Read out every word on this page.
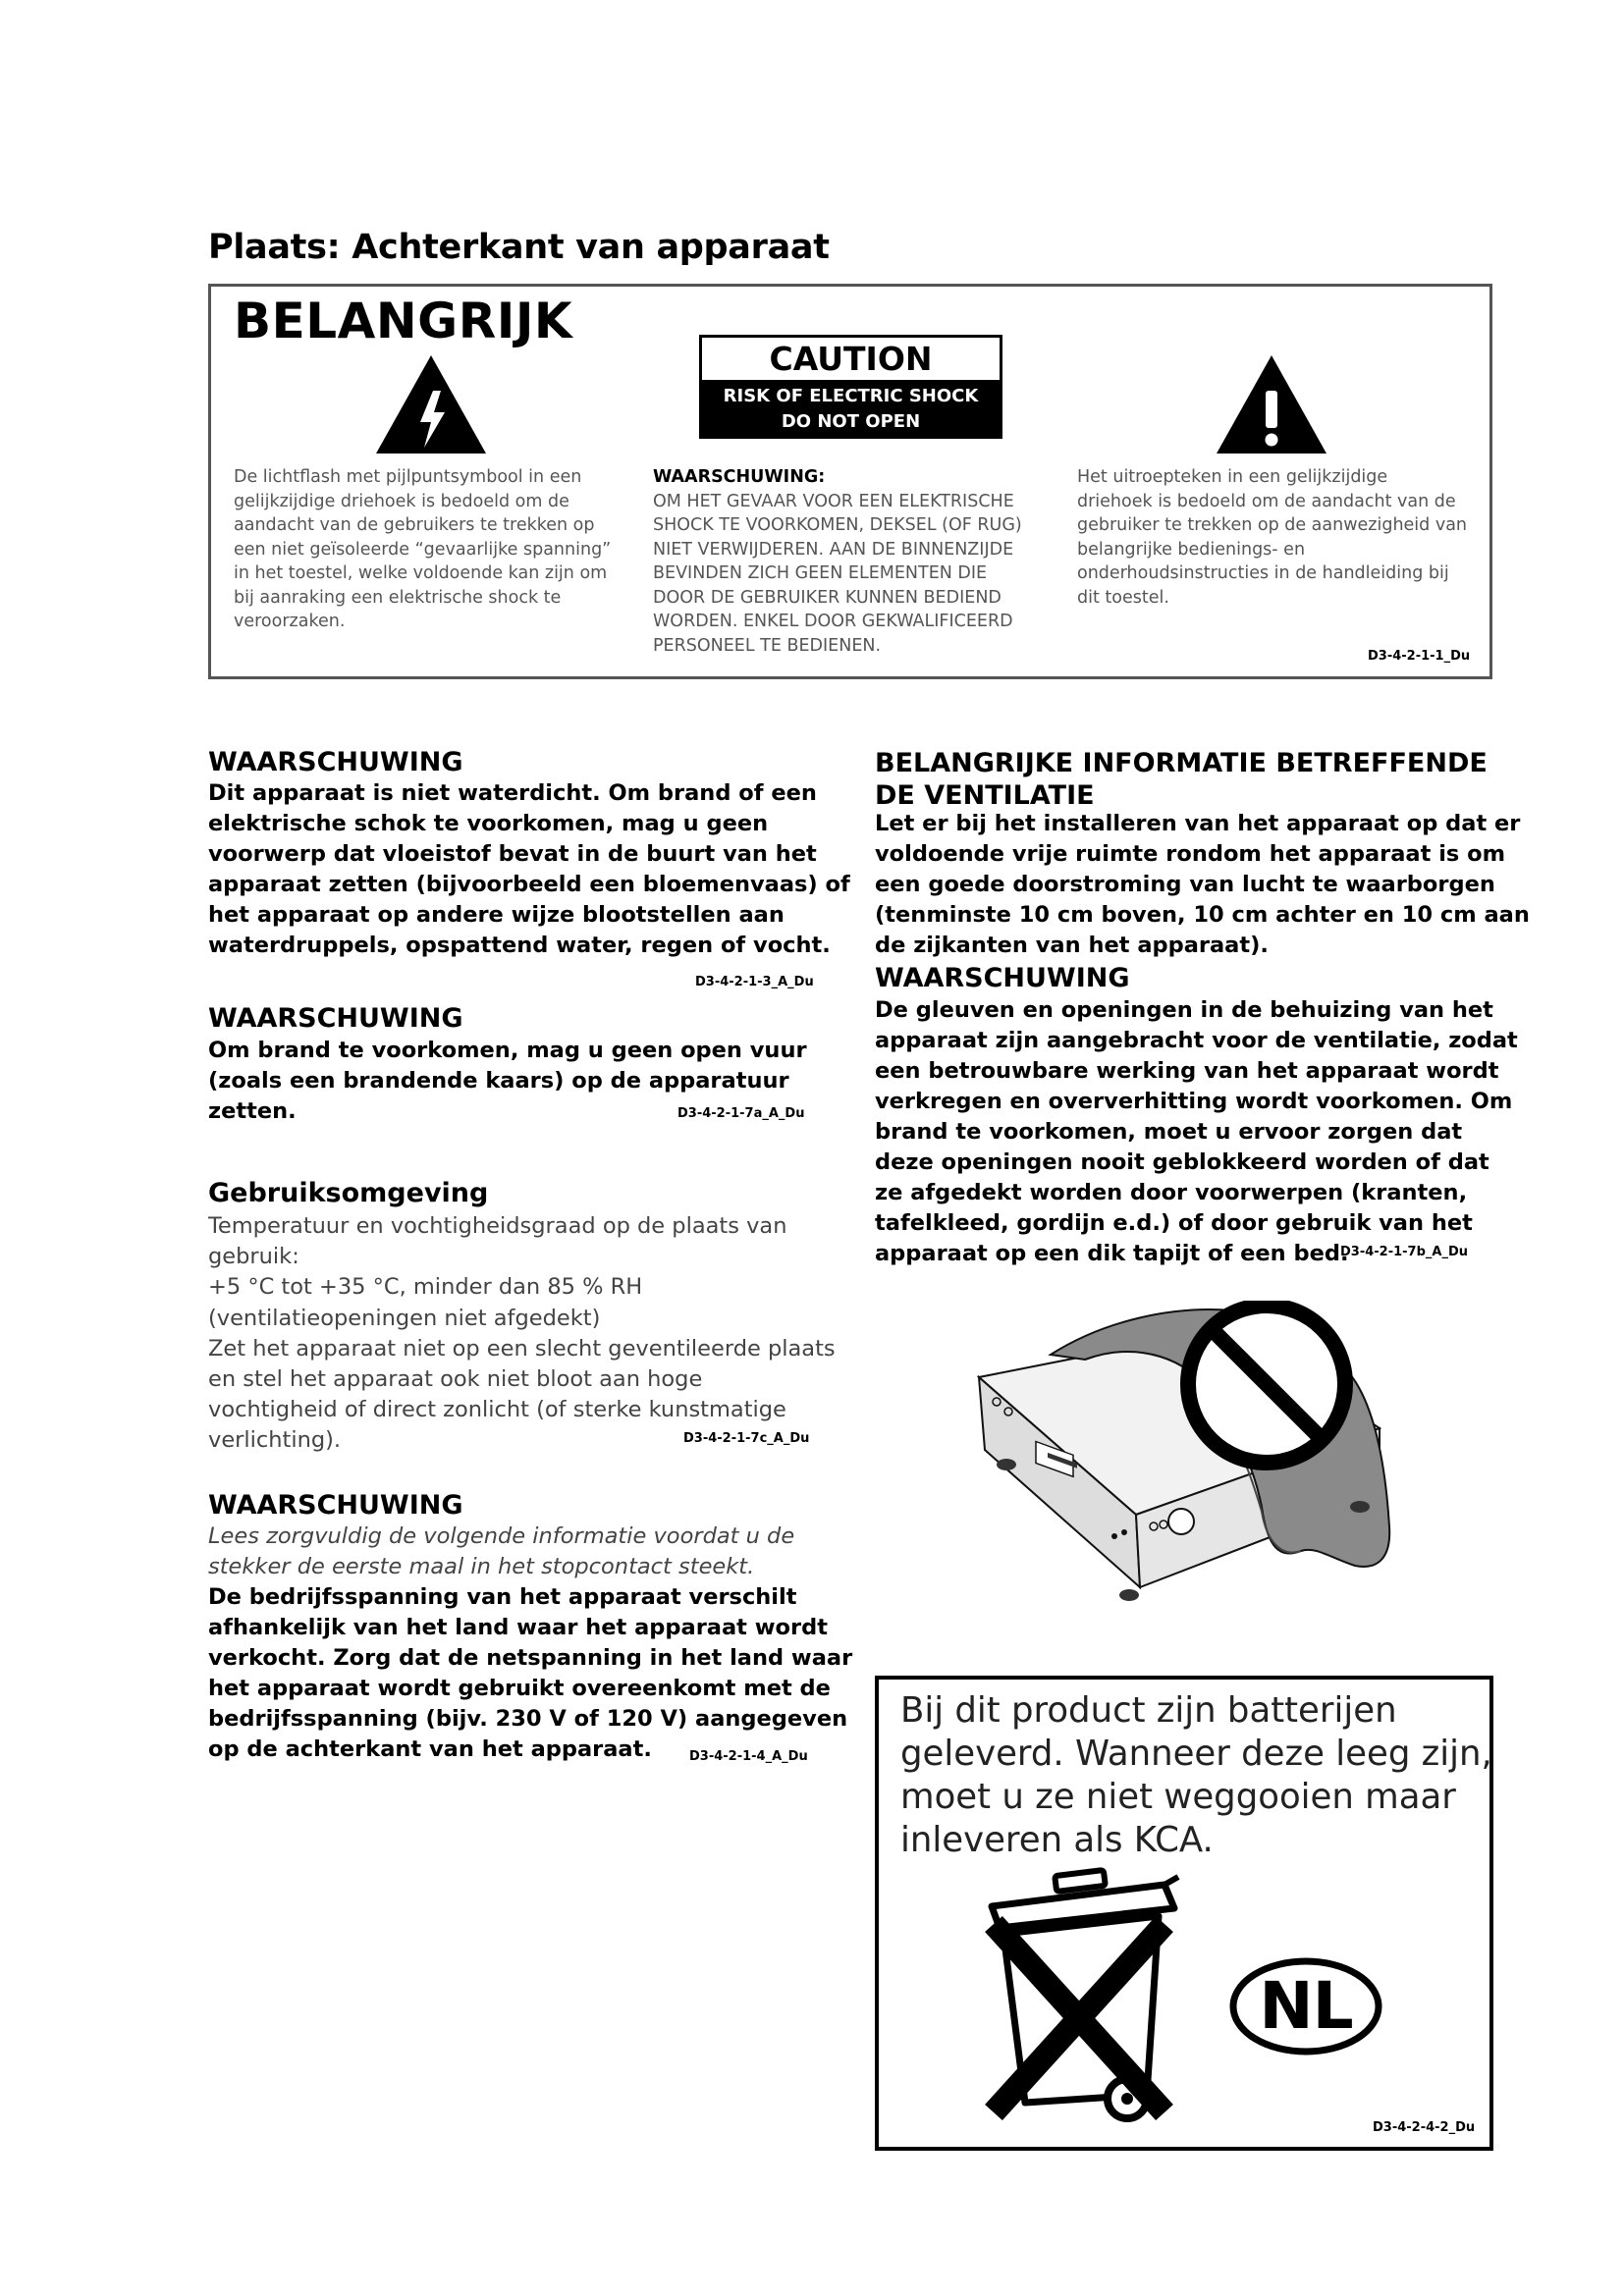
Plaats: Achterkant van apparaat
BELANGRIJK
CAUTION
RISK OF ELECTRIC SHOCK
DO NOT OPEN
De lichtflash met pijlpuntsymbool in een
gelijkzijdige driehoek is bedoeld om de
aandacht van de gebruikers te trekken op
een niet geïsoleerde “gevaarlijke spanning”
in het toestel, welke voldoende kan zijn om
bij aanraking een elektrische shock te
veroorzaken.
WAARSCHUWING:
OM HET GEVAAR VOOR EEN ELEKTRISCHE
SHOCK TE VOORKOMEN, DEKSEL (OF RUG)
NIET VERWIJDEREN. AAN DE BINNENZIJDE
BEVINDEN ZICH GEEN ELEMENTEN DIE
DOOR DE GEBRUIKER KUNNEN BEDIEND
WORDEN. ENKEL DOOR GEKWALIFICEERD
PERSONEEL TE BEDIENEN.
Het uitroepteken in een gelijkzijdige
driehoek is bedoeld om de aandacht van de
gebruiker te trekken op de aanwezigheid van
belangrijke bedienings- en
onderhoudsinstructies in de handleiding bij
dit toestel.
D3-4-2-1-1_Du
WAARSCHUWING
Dit apparaat is niet waterdicht. Om brand of een
elektrische schok te voorkomen, mag u geen
voorwerp dat vloeistof bevat in de buurt van het
apparaat zetten (bijvoorbeeld een bloemenvaas) of
het apparaat op andere wijze blootstellen aan
waterdruppels, opspattend water, regen of vocht.
D3-4-2-1-3_A_Du
WAARSCHUWING
Om brand te voorkomen, mag u geen open vuur
(zoals een brandende kaars) op de apparatuur
zetten.	D3-4-2-1-7a_A_Du
Gebruiksomgeving
Temperatuur en vochtigheidsgraad op de plaats van
gebruik:
+5 °C tot +35 °C, minder dan 85 % RH
(ventilatieopeningen niet afgedekt)
Zet het apparaat niet op een slecht geventileerde plaats
en stel het apparaat ook niet bloot aan hoge
vochtigheid of direct zonlicht (of sterke kunstmatige
verlichting).	D3-4-2-1-7c_A_Du
WAARSCHUWING
Lees zorgvuldig de volgende informatie voordat u de
stekker de eerste maal in het stopcontact steekt.
De bedrijfsspanning van het apparaat verschilt
afhankelijk van het land waar het apparaat wordt
verkocht. Zorg dat de netspanning in het land waar
het apparaat wordt gebruikt overeenkomt met de
bedrijfsspanning (bijv. 230 V of 120 V) aangegeven
op de achterkant van het apparaat.	D3-4-2-1-4_A_Du
BELANGRIJKE INFORMATIE BETREFFENDE
DE VENTILATIE
Let er bij het installeren van het apparaat op dat er
voldoende vrije ruimte rondom het apparaat is om
een goede doorstroming van lucht te waarborgen
(tenminste 10 cm boven, 10 cm achter en 10 cm aan
de zijkanten van het apparaat).
WAARSCHUWING
De gleuven en openingen in de behuizing van het
apparaat zijn aangebracht voor de ventilatie, zodat
een betrouwbare werking van het apparaat wordt
verkregen en oververhitting wordt voorkomen. Om
brand te voorkomen, moet u ervoor zorgen dat
deze openingen nooit geblokkeerd worden of dat
ze afgedekt worden door voorwerpen (kranten,
tafelkleed, gordijn e.d.) of door gebruik van het
apparaat op een dik tapijt of een bed.
D3-4-2-1-7b_A_Du
Bij dit product zijn batterijen
geleverd. Wanneer deze leeg zijn,
moet u ze niet weggooien maar
inleveren als KCA.
NL
D3-4-2-4-2_Du
